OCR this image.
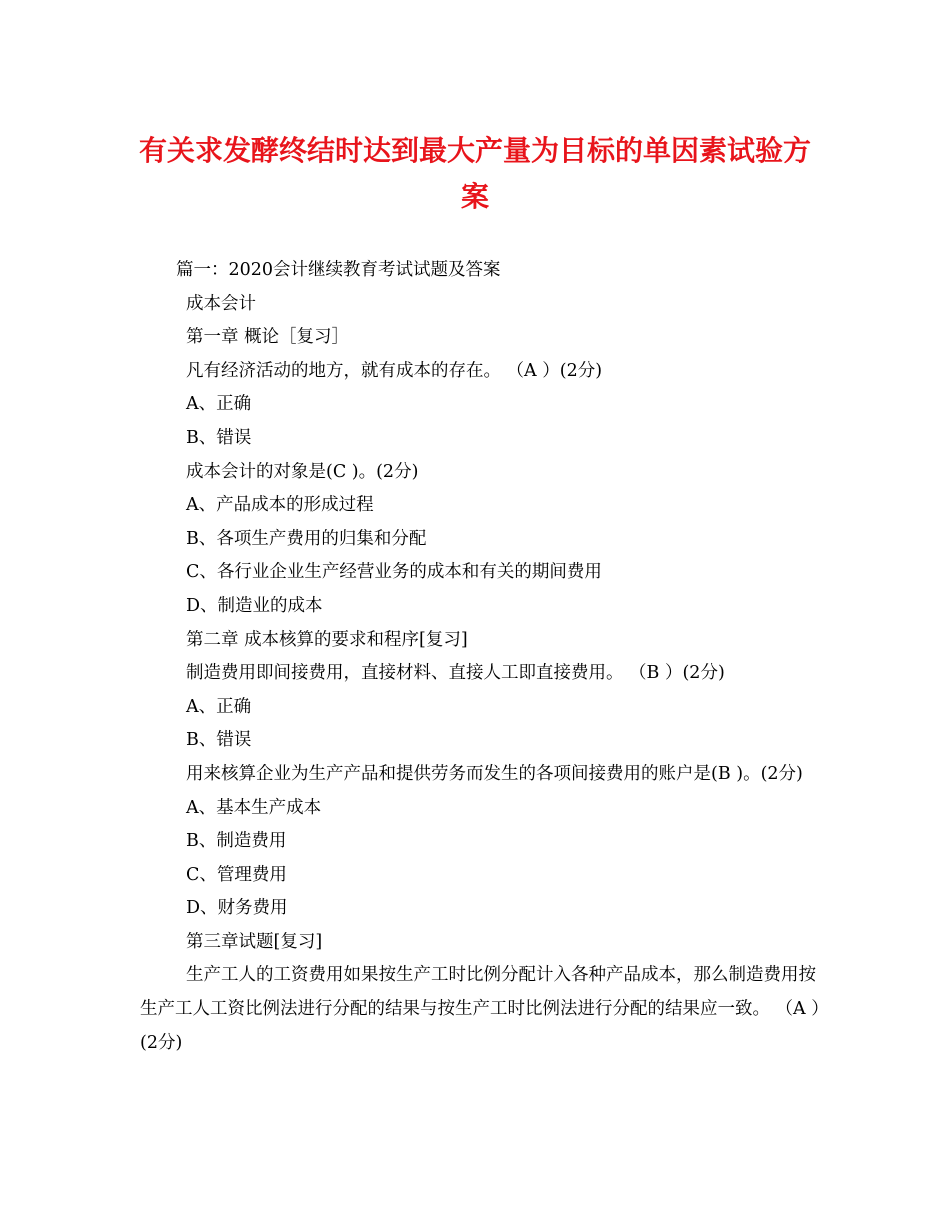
有关求发酵终结时达到最大产量为目标的单因素试验方案

篇一：2020会计继续教育考试试题及答案

成本会计

第一章 概论［复习］

凡有经济活动的地方，就有成本的存在。 （A ）(2分)

A、正确

B、错误

成本会计的对象是(C )。(2分)

A、产品成本的形成过程

B、各项生产费用的归集和分配

C、各行业企业生产经营业务的成本和有关的期间费用

D、制造业的成本

第二章 成本核算的要求和程序[复习]

制造费用即间接费用，直接材料、直接人工即直接费用。 （B ）(2分)

A、正确

B、错误

用来核算企业为生产产品和提供劳务而发生的各项间接费用的账户是(B )。(2分)

A、基本生产成本

B、制造费用

C、管理费用

D、财务费用

第三章试题[复习]

生产工人的工资费用如果按生产工时比例分配计入各种产品成本，那么制造费用按生产工人工资比例法进行分配的结果与按生产工时比例法进行分配的结果应一致。 （A ）(2分)
